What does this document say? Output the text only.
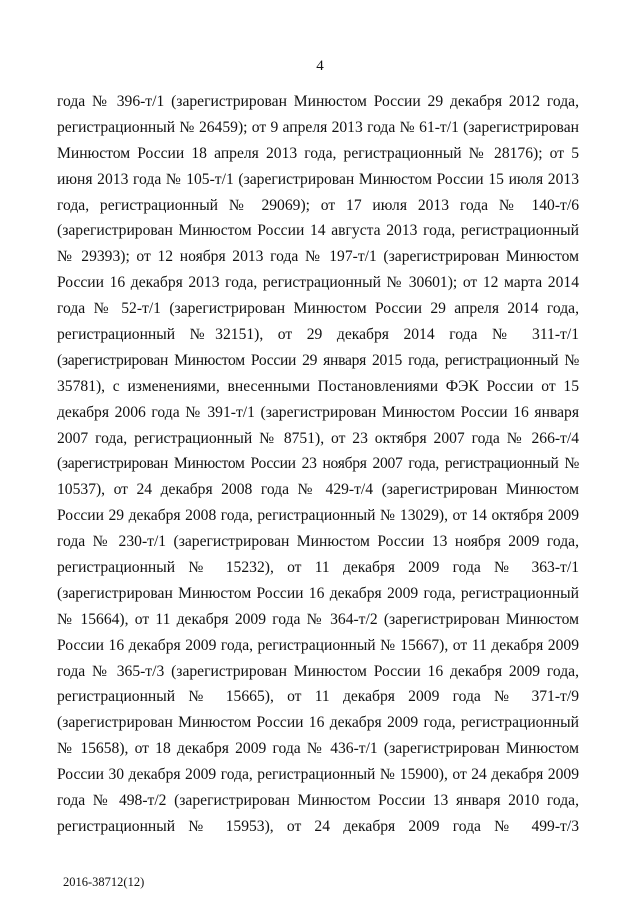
4
года № 396-т/1 (зарегистрирован Минюстом России 29 декабря 2012 года,
регистрационный № 26459); от 9 апреля 2013 года № 61-т/1 (зарегистрирован
Минюстом России 18 апреля 2013 года, регистрационный № 28176); от 5
июня 2013 года № 105-т/1 (зарегистрирован Минюстом России 15 июля 2013
года, регистрационный № 29069); от 17 июля 2013 года № 140-т/6
(зарегистрирован Минюстом России 14 августа 2013 года, регистрационный
№ 29393); от 12 ноября 2013 года № 197-т/1 (зарегистрирован Минюстом
России 16 декабря 2013 года, регистрационный № 30601); от 12 марта 2014
года № 52-т/1 (зарегистрирован Минюстом России 29 апреля 2014 года,
регистрационный №32151), от 29 декабря 2014 года № 311-т/1
(зарегистрирован Минюстом России 29 января 2015 года, регистрационный №
35781), с изменениями, внесенными Постановлениями ФЭК России от 15
декабря 2006 года № 391-т/1 (зарегистрирован Минюстом России 16 января
2007 года, регистрационный № 8751), от 23 октября 2007 года № 266-т/4
(зарегистрирован Минюстом России 23 ноября 2007 года, регистрационный №
10537), от 24 декабря 2008 года № 429-т/4 (зарегистрирован Минюстом
России 29 декабря 2008 года, регистрационный № 13029), от 14 октября 2009
года № 230-т/1 (зарегистрирован Минюстом России 13 ноября 2009 года,
регистрационный № 15232), от 11 декабря 2009 года № 363-т/1
(зарегистрирован Минюстом России 16 декабря 2009 года, регистрационный
№ 15664), от 11 декабря 2009 года № 364-т/2 (зарегистрирован Минюстом
России 16 декабря 2009 года, регистрационный № 15667), от 11 декабря 2009
года № 365-т/3 (зарегистрирован Минюстом России 16 декабря 2009 года,
регистрационный № 15665), от 11 декабря 2009 года № 371-т/9
(зарегистрирован Минюстом России 16 декабря 2009 года, регистрационный
№ 15658), от 18 декабря 2009 года № 436-т/1 (зарегистрирован Минюстом
России 30 декабря 2009 года, регистрационный № 15900), от 24 декабря 2009
года № 498-т/2 (зарегистрирован Минюстом России 13 января 2010 года,
регистрационный № 15953), от 24 декабря 2009 года № 499-т/3
2016-38712(12)
